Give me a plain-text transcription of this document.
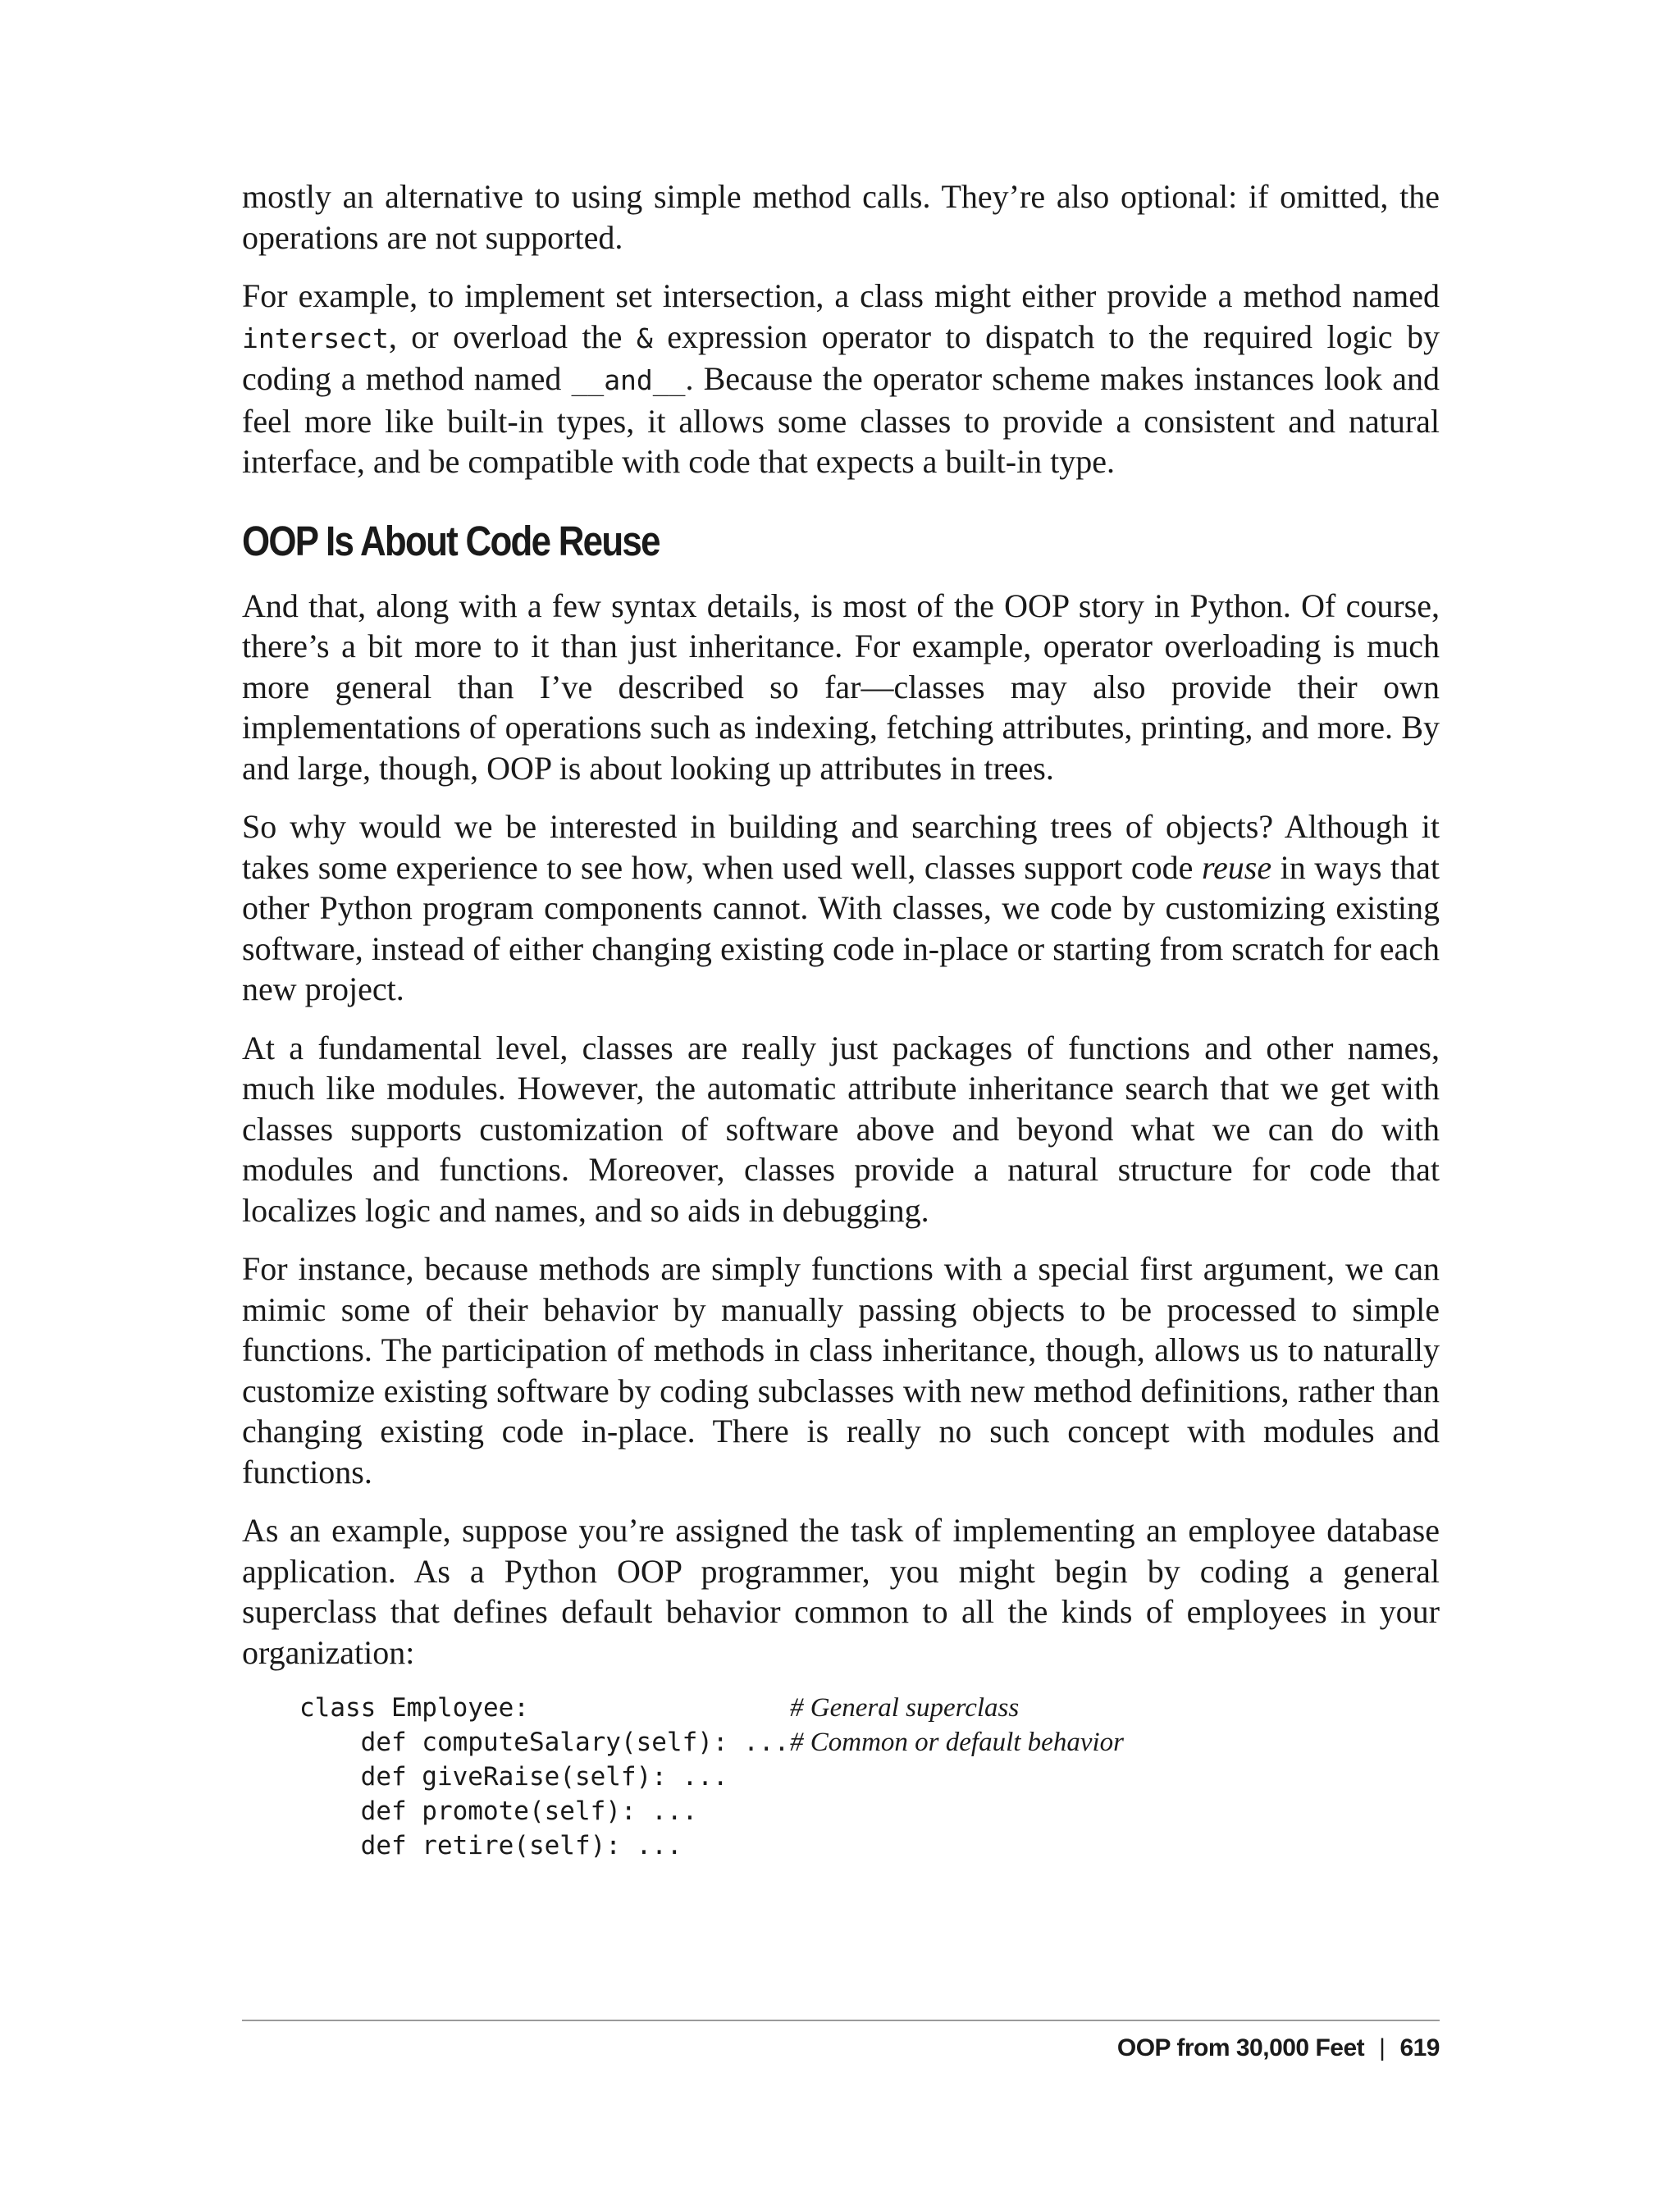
mostly an alternative to using simple method calls. They’re also optional: if omitted, the operations are not supported.

For example, to implement set intersection, a class might either provide a method named intersect, or overload the & expression operator to dispatch to the required logic by coding a method named __and__. Because the operator scheme makes instances look and feel more like built-in types, it allows some classes to provide a consistent and natural interface, and be compatible with code that expects a built-in type.

OOP Is About Code Reuse

And that, along with a few syntax details, is most of the OOP story in Python. Of course, there’s a bit more to it than just inheritance. For example, operator overloading is much more general than I’ve described so far—classes may also provide their own implementations of operations such as indexing, fetching attributes, printing, and more. By and large, though, OOP is about looking up attributes in trees.

So why would we be interested in building and searching trees of objects? Although it takes some experience to see how, when used well, classes support code reuse in ways that other Python program components cannot. With classes, we code by customizing existing software, instead of either changing existing code in-place or starting from scratch for each new project.

At a fundamental level, classes are really just packages of functions and other names, much like modules. However, the automatic attribute inheritance search that we get with classes supports customization of software above and beyond what we can do with modules and functions. Moreover, classes provide a natural structure for code that localizes logic and names, and so aids in debugging.

For instance, because methods are simply functions with a special first argument, we can mimic some of their behavior by manually passing objects to be processed to simple functions. The participation of methods in class inheritance, though, allows us to naturally customize existing software by coding subclasses with new method definitions, rather than changing existing code in-place. There is really no such concept with modules and functions.

As an example, suppose you’re assigned the task of implementing an employee database application. As a Python OOP programmer, you might begin by coding a general superclass that defines default behavior common to all the kinds of employees in your organization:

class Employee:

	# General superclass

def computeSalary(self): ...

# Common or default behavior

def giveRaise(self): ...

def promote(self): ...

def retire(self): ...

OOP from 30,000 Feet | 619
